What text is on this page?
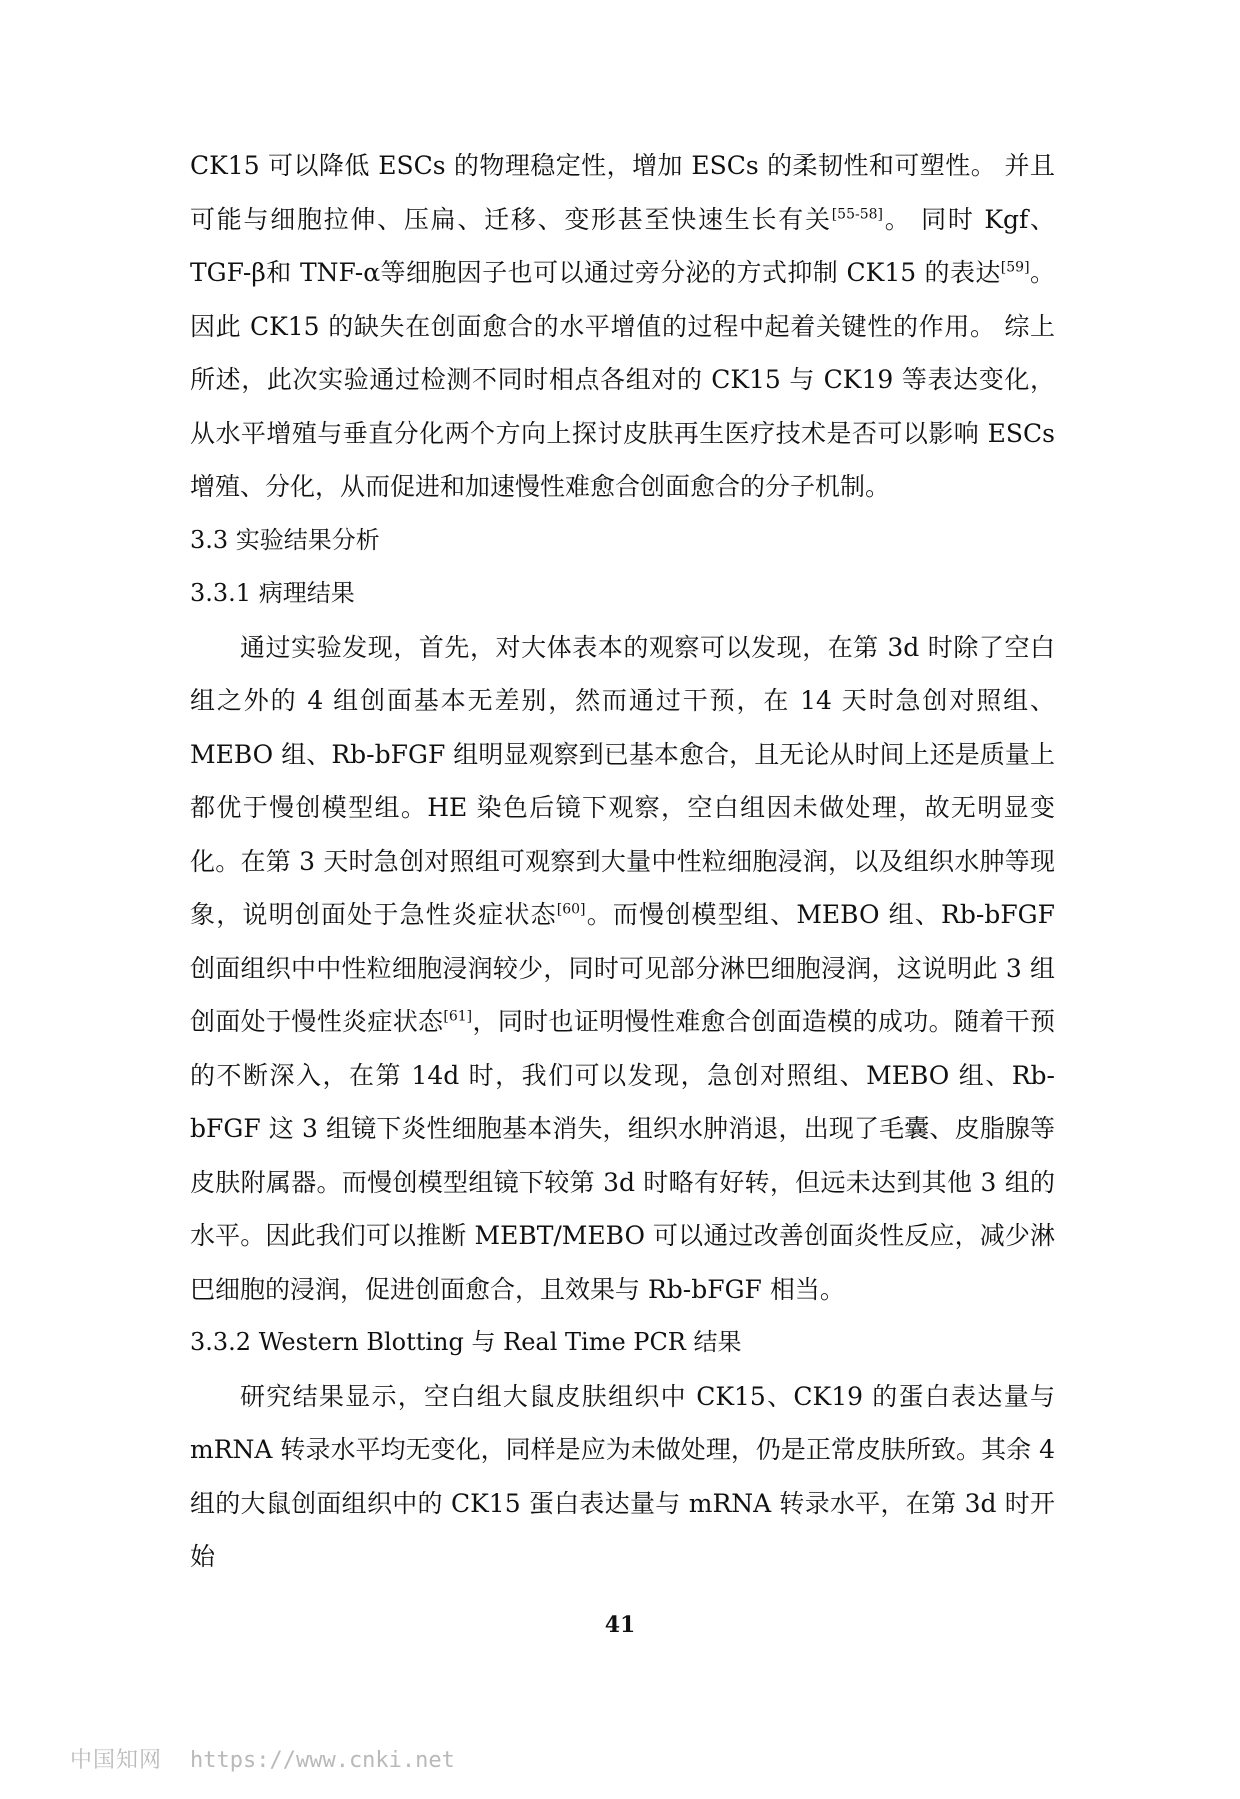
CK15 可以降低 ESCs 的物理稳定性，增加 ESCs 的柔韧性和可塑性。 并且可能与细胞拉伸、压扁、迁移、变形甚至快速生长有关[55-58]。 同时 Kgf、TGF-β和 TNF-α等细胞因子也可以通过旁分泌的方式抑制 CK15 的表达[59]。因此 CK15 的缺失在创面愈合的水平增值的过程中起着关键性的作用。 综上所述，此次实验通过检测不同时相点各组对的 CK15 与 CK19 等表达变化， 从水平增殖与垂直分化两个方向上探讨皮肤再生医疗技术是否可以影响 ESCs 增殖、分化，从而促进和加速慢性难愈合创面愈合的分子机制。

3.3 实验结果分析

3.3.1 病理结果

通过实验发现，首先，对大体表本的观察可以发现，在第 3d 时除了空白组之外的 4 组创面基本无差别，然而通过干预，在 14 天时急创对照组、MEBO 组、Rb-bFGF 组明显观察到已基本愈合，且无论从时间上还是质量上都优于慢创模型组。HE 染色后镜下观察，空白组因未做处理，故无明显变化。在第 3 天时急创对照组可观察到大量中性粒细胞浸润，以及组织水肿等现象，说明创面处于急性炎症状态[60]。而慢创模型组、MEBO 组、Rb-bFGF 创面组织中中性粒细胞浸润较少，同时可见部分淋巴细胞浸润，这说明此 3 组创面处于慢性炎症状态[61]，同时也证明慢性难愈合创面造模的成功。随着干预的不断深入，在第 14d 时，我们可以发现，急创对照组、MEBO 组、Rb-bFGF 这 3 组镜下炎性细胞基本消失，组织水肿消退，出现了毛囊、皮脂腺等皮肤附属器。而慢创模型组镜下较第 3d 时略有好转，但远未达到其他 3 组的水平。因此我们可以推断 MEBT/MEBO 可以通过改善创面炎性反应，减少淋巴细胞的浸润，促进创面愈合，且效果与 Rb-bFGF 相当。

3.3.2 Western Blotting 与 Real Time PCR 结果

研究结果显示，空白组大鼠皮肤组织中 CK15、CK19 的蛋白表达量与 mRNA 转录水平均无变化，同样是应为未做处理，仍是正常皮肤所致。其余 4 组的大鼠创面组织中的 CK15 蛋白表达量与 mRNA 转录水平，在第 3d 时开始

41

中国知网 https://www.cnki.net
